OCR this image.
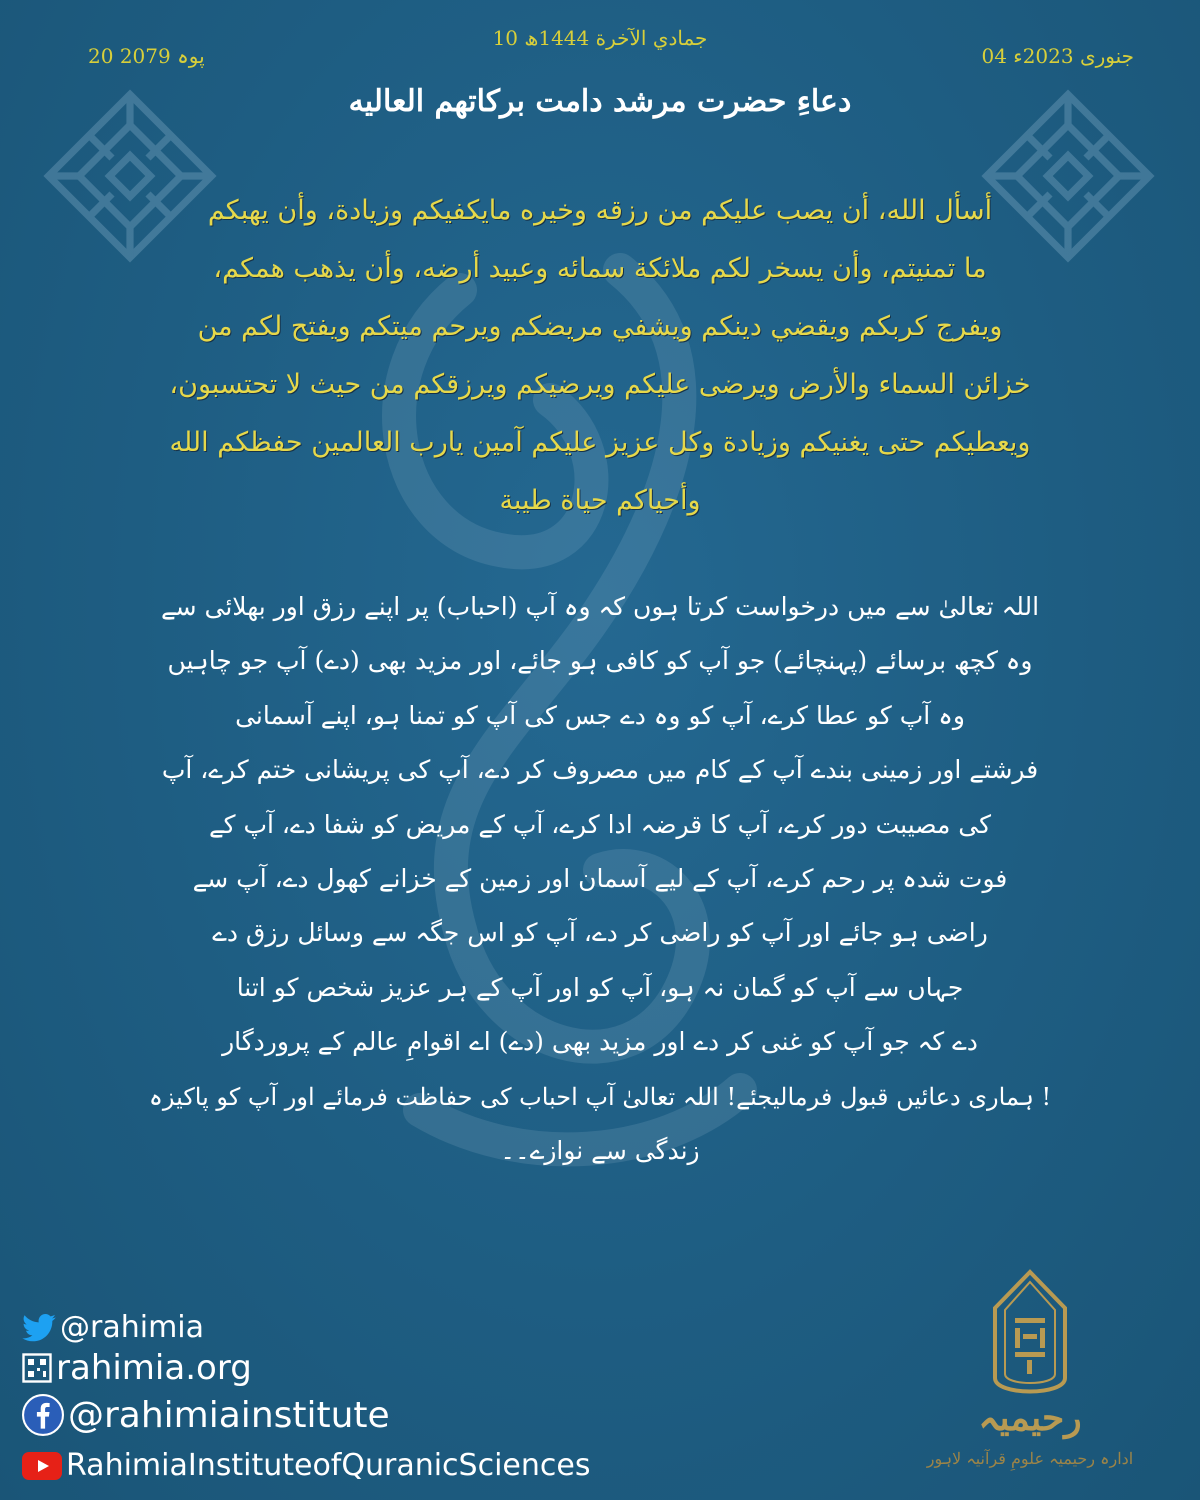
10 جمادي الآخرة 1444ھ
04 جنوری 2023ء
20 پوہ 2079
دعاءِ حضرت مرشد دامت برکاتهم العاليه
أسأل الله، أن يصب عليكم من رزقه وخيره مايكفيكم وزيادة، وأن يهبكم
ما تمنيتم، وأن يسخر لكم ملائكة سمائه وعبيد أرضه، وأن يذهب همكم،
ويفرج كربكم ويقضي دينكم ويشفي مريضكم ويرحم ميتكم ويفتح لكم من
خزائن السماء والأرض ويرضى عليكم ويرضيكم ويرزقكم من حيث لا تحتسبون،
ويعطيكم حتى يغنيكم وزيادة وكل عزيز عليكم آمين يارب العالمين حفظكم الله
وأحياكم حياة طيبة
اللہ تعالیٰ سے میں درخواست کرتا ہوں کہ وہ آپ (احباب) پر اپنے رزق اور بھلائی سے
وہ کچھ برسائے (پہنچائے) جو آپ کو کافی ہو جائے، اور مزید بھی (دے) آپ جو چاہیں
وہ آپ کو عطا کرے، آپ کو وہ دے جس کی آپ کو تمنا ہو، اپنے آسمانی
فرشتے اور زمینی بندے آپ کے کام میں مصروف کر دے، آپ کی پریشانی ختم کرے، آپ
کی مصیبت دور کرے، آپ کا قرضہ ادا کرے، آپ کے مریض کو شفا دے، آپ کے
فوت شدہ پر رحم کرے، آپ کے لیے آسمان اور زمین کے خزانے کھول دے، آپ سے
راضی ہو جائے اور آپ کو راضی کر دے، آپ کو اس جگہ سے وسائل رزق دے
جہاں سے آپ کو گمان نہ ہو، آپ کو اور آپ کے ہر عزیز شخص کو اتنا
دے کہ جو آپ کو غنی کر دے اور مزید بھی (دے) اے اقوامِ عالم کے پروردگار
! ہماری دعائیں قبول فرمالیجئے! اللہ تعالیٰ آپ احباب کی حفاظت فرمائے اور آپ کو پاکیزہ
زندگی سے نوازے۔۔
@rahimia
rahimia.org
@rahimiainstitute
RahimiaInstituteofQuranicSciences
رحیمیہ
ادارہ رحیمیہ علومِ قرآنیہ لاہور
